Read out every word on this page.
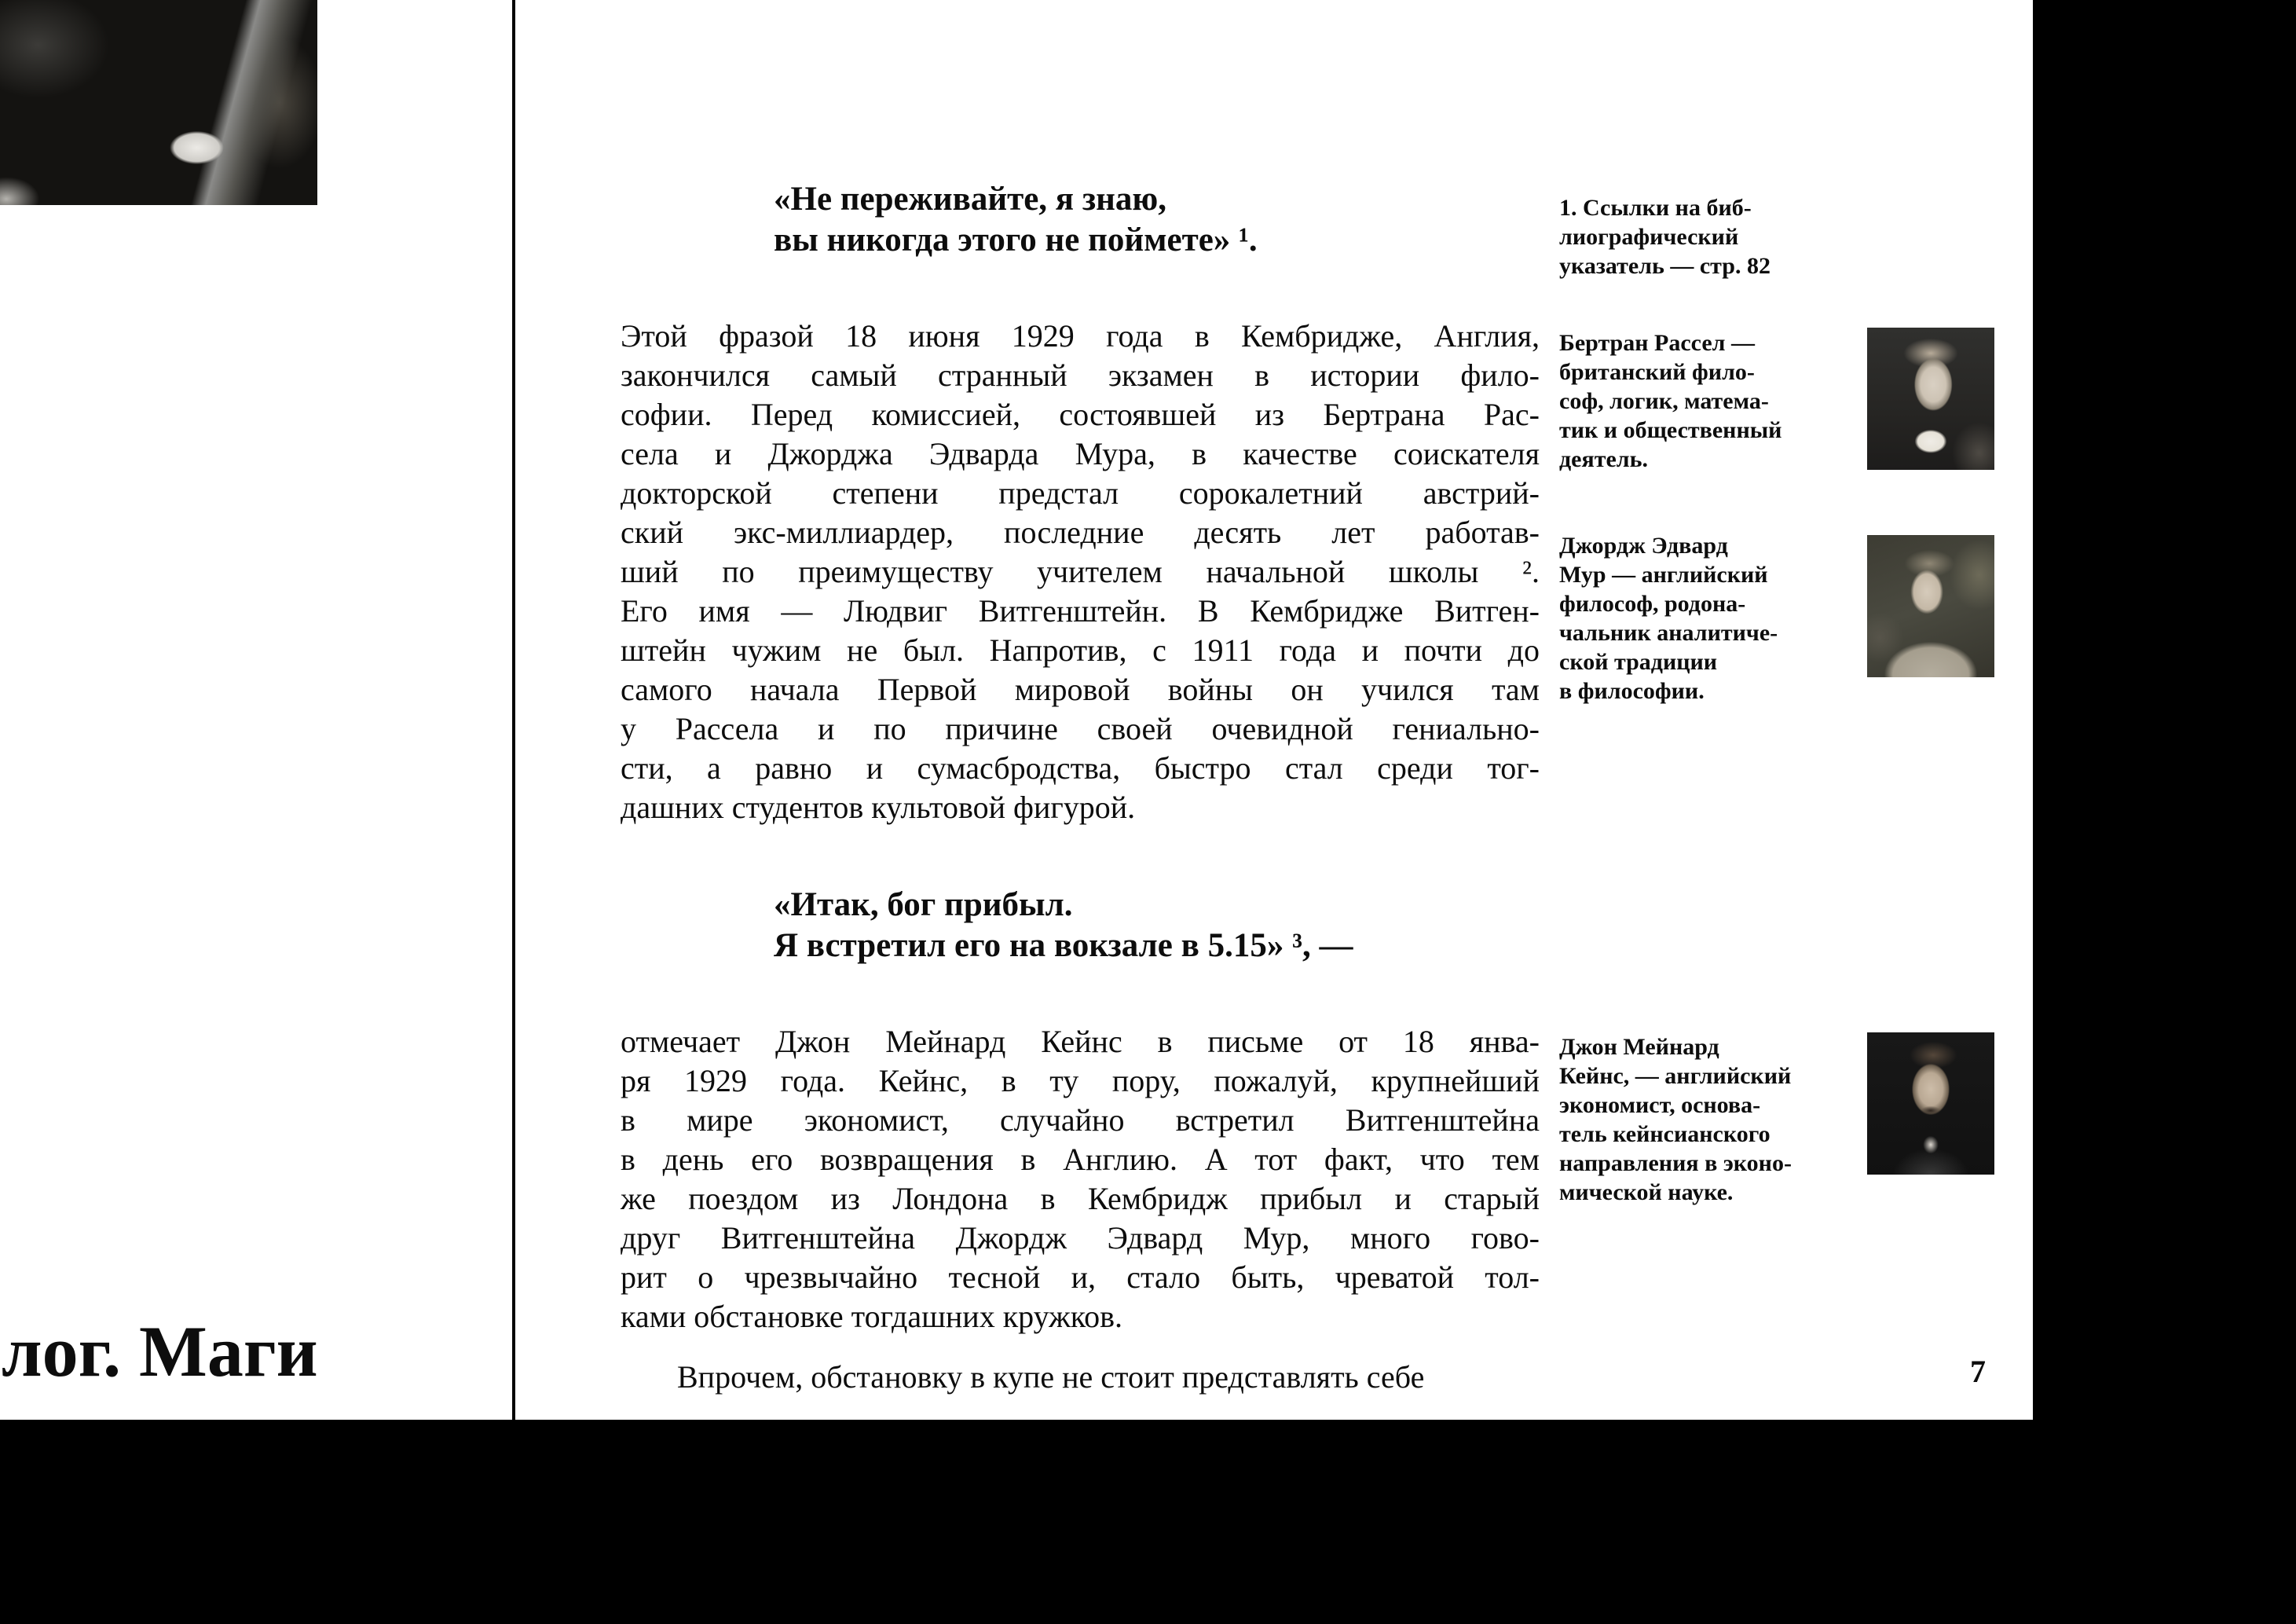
«Не переживайте, я знаю,
вы никогда этого не поймете» ¹.
1. Ссылки на биб-
лиографический
указатель — стр. 82
Этой фразой 18 июня 1929 года в Кембридже, Англия,
закончился самый странный экзамен в истории фило-
софии. Перед комиссией, состоявшей из Бертрана Рас-
села и Джорджа Эдварда Мура, в качестве соискателя
докторской степени предстал сорокалетний австрий-
ский экс-миллиардер, последние десять лет работав-
ший по преимуществу учителем начальной школы ².
Его имя — Людвиг Витгенштейн. В Кембридже Витген-
штейн чужим не был. Напротив, с 1911 года и почти до
самого начала Первой мировой войны он учился там
у Рассела и по причине своей очевидной гениально-
сти, а равно и сумасбродства, быстро стал среди тог-
дашних студентов культовой фигурой.
Бертран Рассел —
британский фило-
соф, логик, матема-
тик и общественный
деятель.
Джордж Эдвард
Мур — английский
философ, родона-
чальник аналитиче-
ской традиции
в философии.
«Итак, бог прибыл.
Я встретил его на вокзале в 5.15» ³, —
отмечает Джон Мейнард Кейнс в письме от 18 янва-
ря 1929 года. Кейнс, в ту пору, пожалуй, крупнейший
в мире экономист, случайно встретил Витгенштейна
в день его возвращения в Англию. А тот факт, что тем
же поездом из Лондона в Кембридж прибыл и старый
друг Витгенштейна Джордж Эдвард Мур, много гово-
рит о чрезвычайно тесной и, стало быть, чреватой тол-
ками обстановке тогдашних кружков.
Джон Мейнард
Кейнс, — английский
экономист, основа-
тель кейнсианского
направления в эконо-
мической науке.
Впрочем, обстановку в купе не стоит представлять себе
лог. Маги	7
